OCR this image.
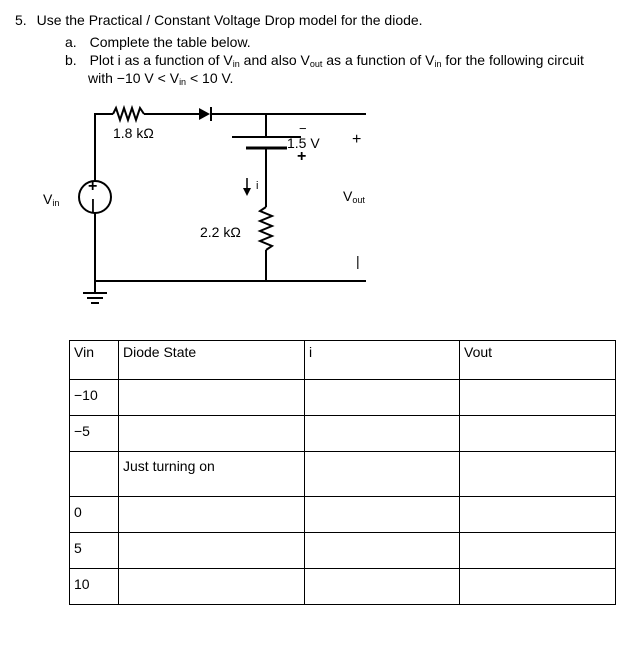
5. Use the Practical / Constant Voltage Drop model for the diode.
a. Complete the table below.
b. Plot i as a function of $V_{in}$ and also $V_{out}$ as a function of $V_{in}$ for the following circuit
with −10 $V < V_{in} < 10$ V.
1.8 kΩ
2.2 kΩ
1.5 V
−
+
i
$V_{in}$
+
|
+
$V_{out}$
|
Vin	Diode State	i	Vout
−10			
−5			
	Just turning on		
0			
5			
10			
